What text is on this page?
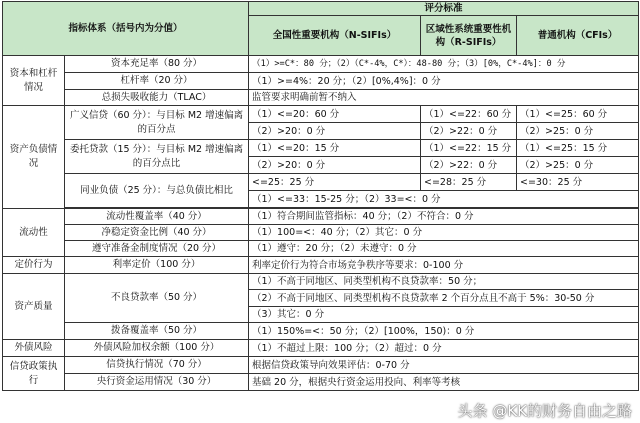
指标体系（括号内为分值）		评分标准		
		全国性重要机构（N-SIFIs）	区域性系统重要性机构（R-SIFIs）	普通机构（CFIs）
资本和杠杆情况	资本充足率（80 分）	（1）>=C*：80 分；（2）（C*-4%，C*）：48-80 分；（3）[0%，C*-4%]：0 分		
	杠杆率（20 分）	（1）>=4%：20 分；（2）[0%,4%]：0 分		
	总损失吸收能力（TLAC）	监管要求明确前暂不纳入		
资产负债情况	广义信贷（60 分）：与目标 M2 增速偏离的百分点	（1）<=20：60 分	（1）<=22：60 分	（1）<=25：60 分
		（2）>20：0 分	（2）>22：0 分	（2）>25：0 分
	委托贷款（15 分）：与目标 M2 增速偏离的百分点比	（1）<=20：15 分	（1）<=22：15 分	（1）<=25：15 分
		（2）>20：0 分	（2）>22：0 分	（2）>25：0 分
	同业负债（25 分）：与总负债比相比	<=25：25 分	<=28：25 分	<=30：25 分
		（1）<=33：15-25 分；（2）33=<：0 分		

流动性	流动性覆盖率（40 分）	（1）符合期间监管指标：40 分；（2）不符合：0 分		
	净稳定资金比例（40 分）	（1）100=<：40 分；（2）其它：0 分		
	遵守准备金制度情况（20 分）	（1）遵守：20 分；（2）未遵守：0 分		
定价行为	利率定价（100 分）	利率定价行为符合市场竞争秩序等要求：0-100 分		
资产质量	不良贷款率（50 分）	（1）不高于同地区、同类型机构不良贷款率：50 分；		
		（2）不高于同地区、同类型机构不良贷款率 2 个百分点且不高于 5%：30-50 分		
		（3）其它：0 分		
	拨备覆盖率（50 分）	（1）150%=<：50 分；（2）[100%，150)：0 分		
外债风险	外债风险加权余额（100 分）	（1）不超过上限：100 分；（2）超过：0 分		
信贷政策执行	信贷执行情况（70 分）	根据信贷政策导向效果评估：0-70 分		
	央行资金运用情况（30 分）	基础 20 分，根据央行资金运用投向、利率等考核		
头条 @KK的财务自由之路
